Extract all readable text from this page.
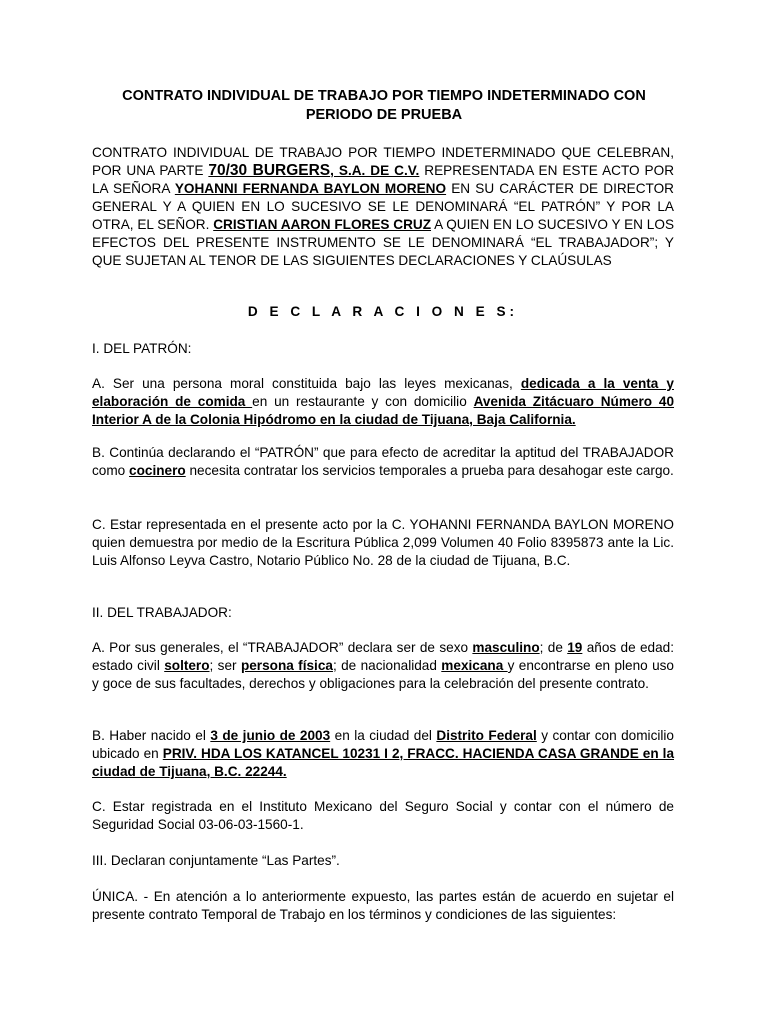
CONTRATO INDIVIDUAL DE TRABAJO POR TIEMPO INDETERMINADO CON
PERIODO DE PRUEBA
CONTRATO INDIVIDUAL DE TRABAJO POR TIEMPO INDETERMINADO QUE CELEBRAN, POR UNA PARTE 70/30 BURGERS, S.A. DE C.V. REPRESENTADA EN ESTE ACTO POR LA SEÑORA YOHANNI FERNANDA BAYLON MORENO EN SU CARÁCTER DE DIRECTOR GENERAL Y A QUIEN EN LO SUCESIVO SE LE DENOMINARÁ “EL PATRÓN” Y POR LA OTRA, EL SEÑOR. CRISTIAN AARON FLORES CRUZ A QUIEN EN LO SUCESIVO Y EN LOS EFECTOS DEL PRESENTE INSTRUMENTO SE LE DENOMINARÁ “EL TRABAJADOR”; Y QUE SUJETAN AL TENOR DE LAS SIGUIENTES DECLARACIONES Y CLAÚSULAS
D E C L A R A C I O N E S:
I. DEL PATRÓN:
A. Ser una persona moral constituida bajo las leyes mexicanas, dedicada a la venta y elaboración de comida en un restaurante y con domicilio Avenida Zitácuaro Número 40 Interior A de la Colonia Hipódromo en la ciudad de Tijuana, Baja California.
B. Continúa declarando el “PATRÓN” que para efecto de acreditar la aptitud del TRABAJADOR como cocinero necesita contratar los servicios temporales a prueba para desahogar este cargo.
C. Estar representada en el presente acto por la C. YOHANNI FERNANDA BAYLON MORENO quien demuestra por medio de la Escritura Pública 2,099 Volumen 40 Folio 8395873 ante la Lic. Luis Alfonso Leyva Castro, Notario Público No. 28 de la ciudad de Tijuana, B.C.
II. DEL TRABAJADOR:
A. Por sus generales, el “TRABAJADOR” declara ser de sexo masculino; de 19 años de edad: estado civil soltero; ser persona física; de nacionalidad mexicana y encontrarse en pleno uso y goce de sus facultades, derechos y obligaciones para la celebración del presente contrato.
B. Haber nacido el 3 de junio de 2003 en la ciudad del Distrito Federal y contar con domicilio ubicado en PRIV. HDA LOS KATANCEL 10231 I 2, FRACC. HACIENDA CASA GRANDE en la ciudad de Tijuana, B.C. 22244.
C. Estar registrada en el Instituto Mexicano del Seguro Social y contar con el número de Seguridad Social 03-06-03-1560-1.
III. Declaran conjuntamente “Las Partes”.
ÚNICA. - En atención a lo anteriormente expuesto, las partes están de acuerdo en sujetar el presente contrato Temporal de Trabajo en los términos y condiciones de las siguientes:
